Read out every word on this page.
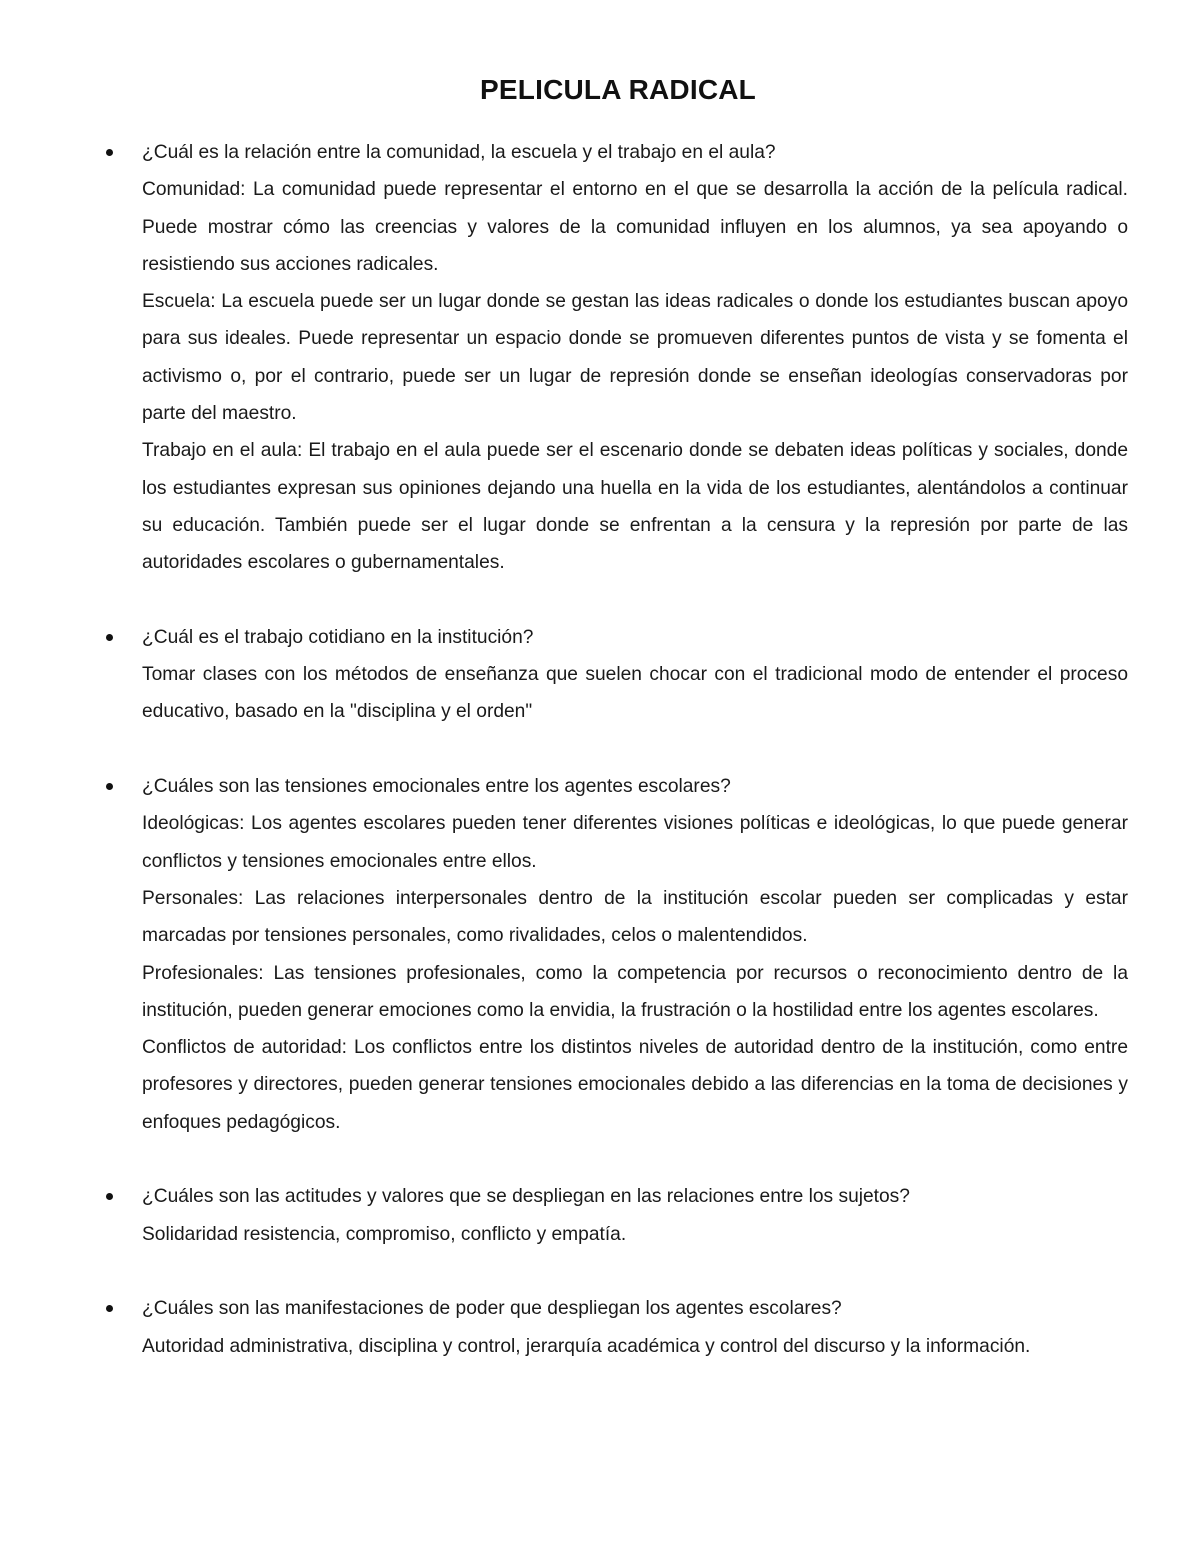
PELICULA RADICAL

¿Cuál es la relación entre la comunidad, la escuela y el trabajo en el aula?

Comunidad: La comunidad puede representar el entorno en el que se desarrolla la acción de la película radical. Puede mostrar cómo las creencias y valores de la comunidad influyen en los alumnos, ya sea apoyando o resistiendo sus acciones radicales.

Escuela: La escuela puede ser un lugar donde se gestan las ideas radicales o donde los estudiantes buscan apoyo para sus ideales. Puede representar un espacio donde se promueven diferentes puntos de vista y se fomenta el activismo o, por el contrario, puede ser un lugar de represión donde se enseñan ideologías conservadoras por parte del maestro.

Trabajo en el aula: El trabajo en el aula puede ser el escenario donde se debaten ideas políticas y sociales, donde los estudiantes expresan sus opiniones dejando una huella en la vida de los estudiantes, alentándolos a continuar su educación. También puede ser el lugar donde se enfrentan a la censura y la represión por parte de las autoridades escolares o gubernamentales.

¿Cuál es el trabajo cotidiano en la institución?

Tomar clases con los métodos de enseñanza que suelen chocar con el tradicional modo de entender el proceso educativo, basado en la "disciplina y el orden"

¿Cuáles son las tensiones emocionales entre los agentes escolares?

Ideológicas: Los agentes escolares pueden tener diferentes visiones políticas e ideológicas, lo que puede generar conflictos y tensiones emocionales entre ellos.

Personales: Las relaciones interpersonales dentro de la institución escolar pueden ser complicadas y estar marcadas por tensiones personales, como rivalidades, celos o malentendidos.

Profesionales: Las tensiones profesionales, como la competencia por recursos o reconocimiento dentro de la institución, pueden generar emociones como la envidia, la frustración o la hostilidad entre los agentes escolares.

Conflictos de autoridad: Los conflictos entre los distintos niveles de autoridad dentro de la institución, como entre profesores y directores, pueden generar tensiones emocionales debido a las diferencias en la toma de decisiones y enfoques pedagógicos.

¿Cuáles son las actitudes y valores que se despliegan en las relaciones entre los sujetos?

Solidaridad resistencia, compromiso, conflicto y empatía.

¿Cuáles son las manifestaciones de poder que despliegan los agentes escolares?

Autoridad administrativa, disciplina y control, jerarquía académica y control del discurso y la información.
